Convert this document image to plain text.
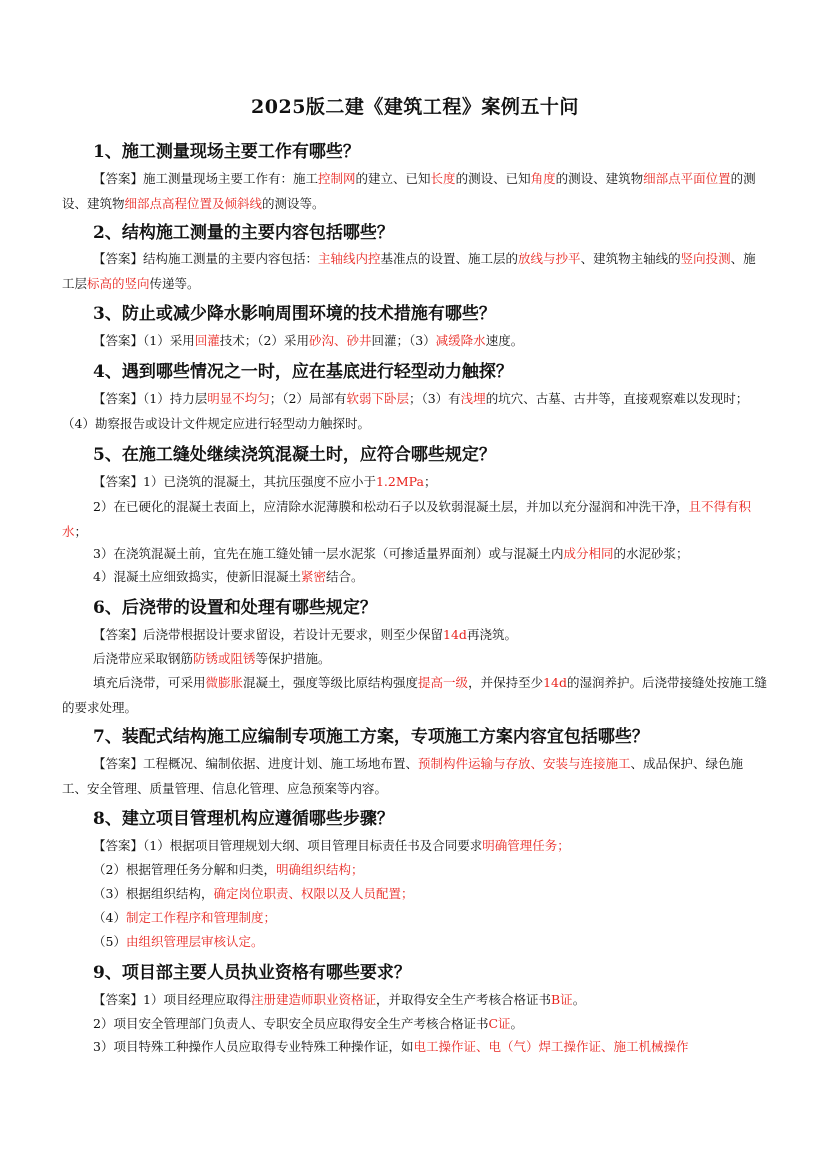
2025版二建《建筑工程》案例五十问
1、施工测量现场主要工作有哪些？
【答案】施工测量现场主要工作有：施工控制网的建立、已知长度的测设、已知角度的测设、建筑物细部点平面位置的测设、建筑物细部点高程位置及倾斜线的测设等。
2、结构施工测量的主要内容包括哪些？
【答案】结构施工测量的主要内容包括：主轴线内控基准点的设置、施工层的放线与抄平、建筑物主轴线的竖向投测、施工层标高的竖向传递等。
3、防止或减少降水影响周围环境的技术措施有哪些？
【答案】（1）采用回灌技术；（2）采用砂沟、砂井回灌；（3）减缓降水速度。
4、遇到哪些情况之一时，应在基底进行轻型动力触探？
【答案】（1）持力层明显不均匀；（2）局部有软弱下卧层；（3）有浅埋的坑穴、古墓、古井等，直接观察难以发现时；（4）勘察报告或设计文件规定应进行轻型动力触探时。
5、在施工缝处继续浇筑混凝土时，应符合哪些规定？
【答案】1）已浇筑的混凝土，其抗压强度不应小于1.2MPa；
2）在已硬化的混凝土表面上，应清除水泥薄膜和松动石子以及软弱混凝土层，并加以充分湿润和冲洗干净，且不得有积水；
3）在浇筑混凝土前，宜先在施工缝处铺一层水泥浆（可掺适量界面剂）或与混凝土内成分相同的水泥砂浆；
4）混凝土应细致捣实，使新旧混凝土紧密结合。
6、后浇带的设置和处理有哪些规定？
【答案】后浇带根据设计要求留设，若设计无要求，则至少保留14d再浇筑。
后浇带应采取钢筋防锈或阻锈等保护措施。
填充后浇带，可采用微膨胀混凝土，强度等级比原结构强度提高一级，并保持至少14d的湿润养护。后浇带接缝处按施工缝的要求处理。
7、装配式结构施工应编制专项施工方案，专项施工方案内容宜包括哪些？
【答案】工程概况、编制依据、进度计划、施工场地布置、预制构件运输与存放、安装与连接施工、成品保护、绿色施工、安全管理、质量管理、信息化管理、应急预案等内容。
8、建立项目管理机构应遵循哪些步骤？
【答案】（1）根据项目管理规划大纲、项目管理目标责任书及合同要求明确管理任务；
（2）根据管理任务分解和归类，明确组织结构；
（3）根据组织结构，确定岗位职责、权限以及人员配置；
（4）制定工作程序和管理制度；
（5）由组织管理层审核认定。
9、项目部主要人员执业资格有哪些要求？
【答案】1）项目经理应取得注册建造师职业资格证，并取得安全生产考核合格证书B证。
2）项目安全管理部门负责人、专职安全员应取得安全生产考核合格证书C证。
3）项目特殊工种操作人员应取得专业特殊工种操作证，如电工操作证、电（气）焊工操作证、施工机械操作
